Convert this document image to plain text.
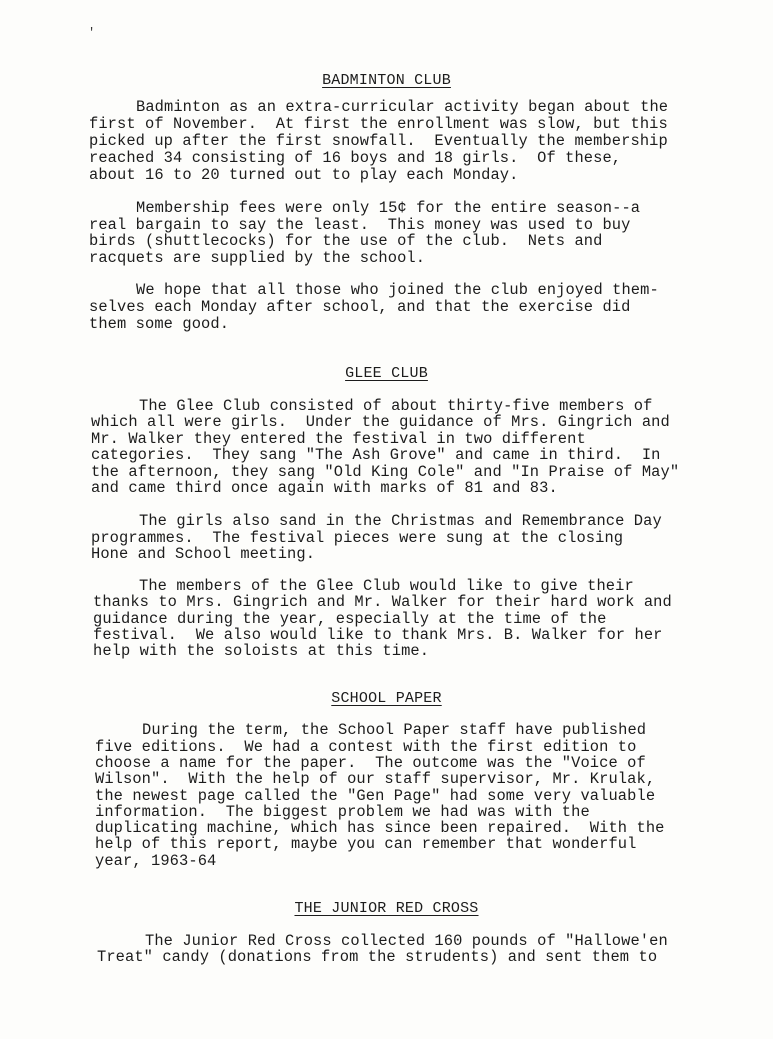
'
BADMINTON CLUB
Badminton as an extra-curricular activity began about the
first of November.  At first the enrollment was slow, but this
picked up after the first snowfall.  Eventually the membership
reached 34 consisting of 16 boys and 18 girls.  Of these,
about 16 to 20 turned out to play each Monday.
Membership fees were only 15¢ for the entire season--a
real bargain to say the least.  This money was used to buy
birds (shuttlecocks) for the use of the club.  Nets and
racquets are supplied by the school.
We hope that all those who joined the club enjoyed them-
selves each Monday after school, and that the exercise did
them some good.
GLEE CLUB
The Glee Club consisted of about thirty-five members of
which all were girls.  Under the guidance of Mrs. Gingrich and
Mr. Walker they entered the festival in two different
categories.  They sang "The Ash Grove" and came in third.  In
the afternoon, they sang "Old King Cole" and "In Praise of May"
and came third once again with marks of 81 and 83.
The girls also sand in the Christmas and Remembrance Day
programmes.  The festival pieces were sung at the closing
Hone and School meeting.
The members of the Glee Club would like to give their
thanks to Mrs. Gingrich and Mr. Walker for their hard work and
guidance during the year, especially at the time of the
festival.  We also would like to thank Mrs. B. Walker for her
help with the soloists at this time.
SCHOOL PAPER
During the term, the School Paper staff have published
five editions.  We had a contest with the first edition to
choose a name for the paper.  The outcome was the "Voice of
Wilson".  With the help of our staff supervisor, Mr. Krulak,
the newest page called the "Gen Page" had some very valuable
information.  The biggest problem we had was with the
duplicating machine, which has since been repaired.  With the
help of this report, maybe you can remember that wonderful
year, 1963-64
THE JUNIOR RED CROSS
The Junior Red Cross collected 160 pounds of "Hallowe'en
Treat" candy (donations from the strudents) and sent them to
